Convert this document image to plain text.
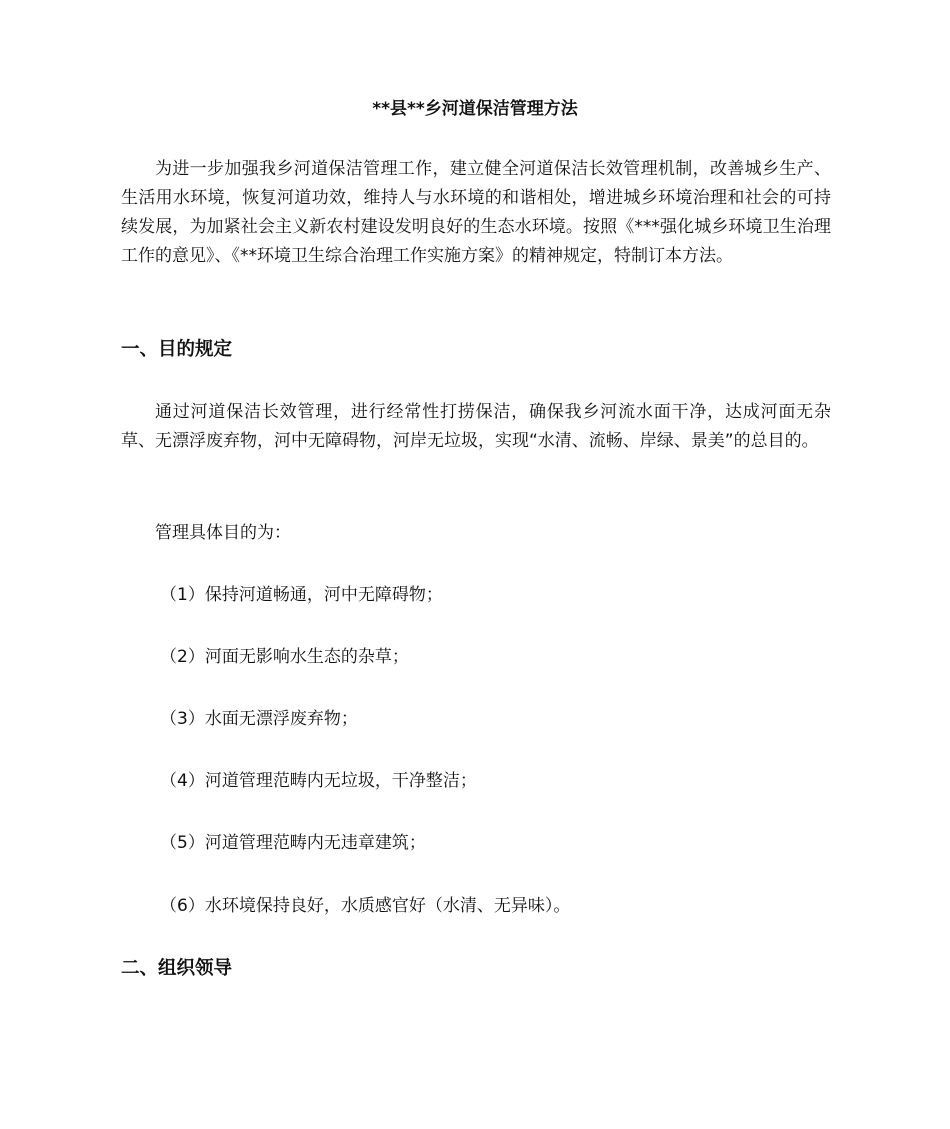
**县**乡河道保洁管理方法

为进一步加强我乡河道保洁管理工作，建立健全河道保洁长效管理机制，改善城乡生产、生活用水环境，恢复河道功效，维持人与水环境的和谐相处，增进城乡环境治理和社会的可持续发展，为加紧社会主义新农村建设发明良好的生态水环境。按照《***强化城乡环境卫生治理工作的意见》、《**环境卫生综合治理工作实施方案》的精神规定，特制订本方法。

一、目的规定

通过河道保洁长效管理，进行经常性打捞保洁，确保我乡河流水面干净，达成河面无杂草、无漂浮废弃物，河中无障碍物，河岸无垃圾，实现“水清、流畅、岸绿、景美”的总目的。

管理具体目的为：

（1）保持河道畅通，河中无障碍物；

（2）河面无影响水生态的杂草；

（3）水面无漂浮废弃物；

（4）河道管理范畴内无垃圾，干净整洁；

（5）河道管理范畴内无违章建筑；

（6）水环境保持良好，水质感官好（水清、无异味）。

二、组织领导
